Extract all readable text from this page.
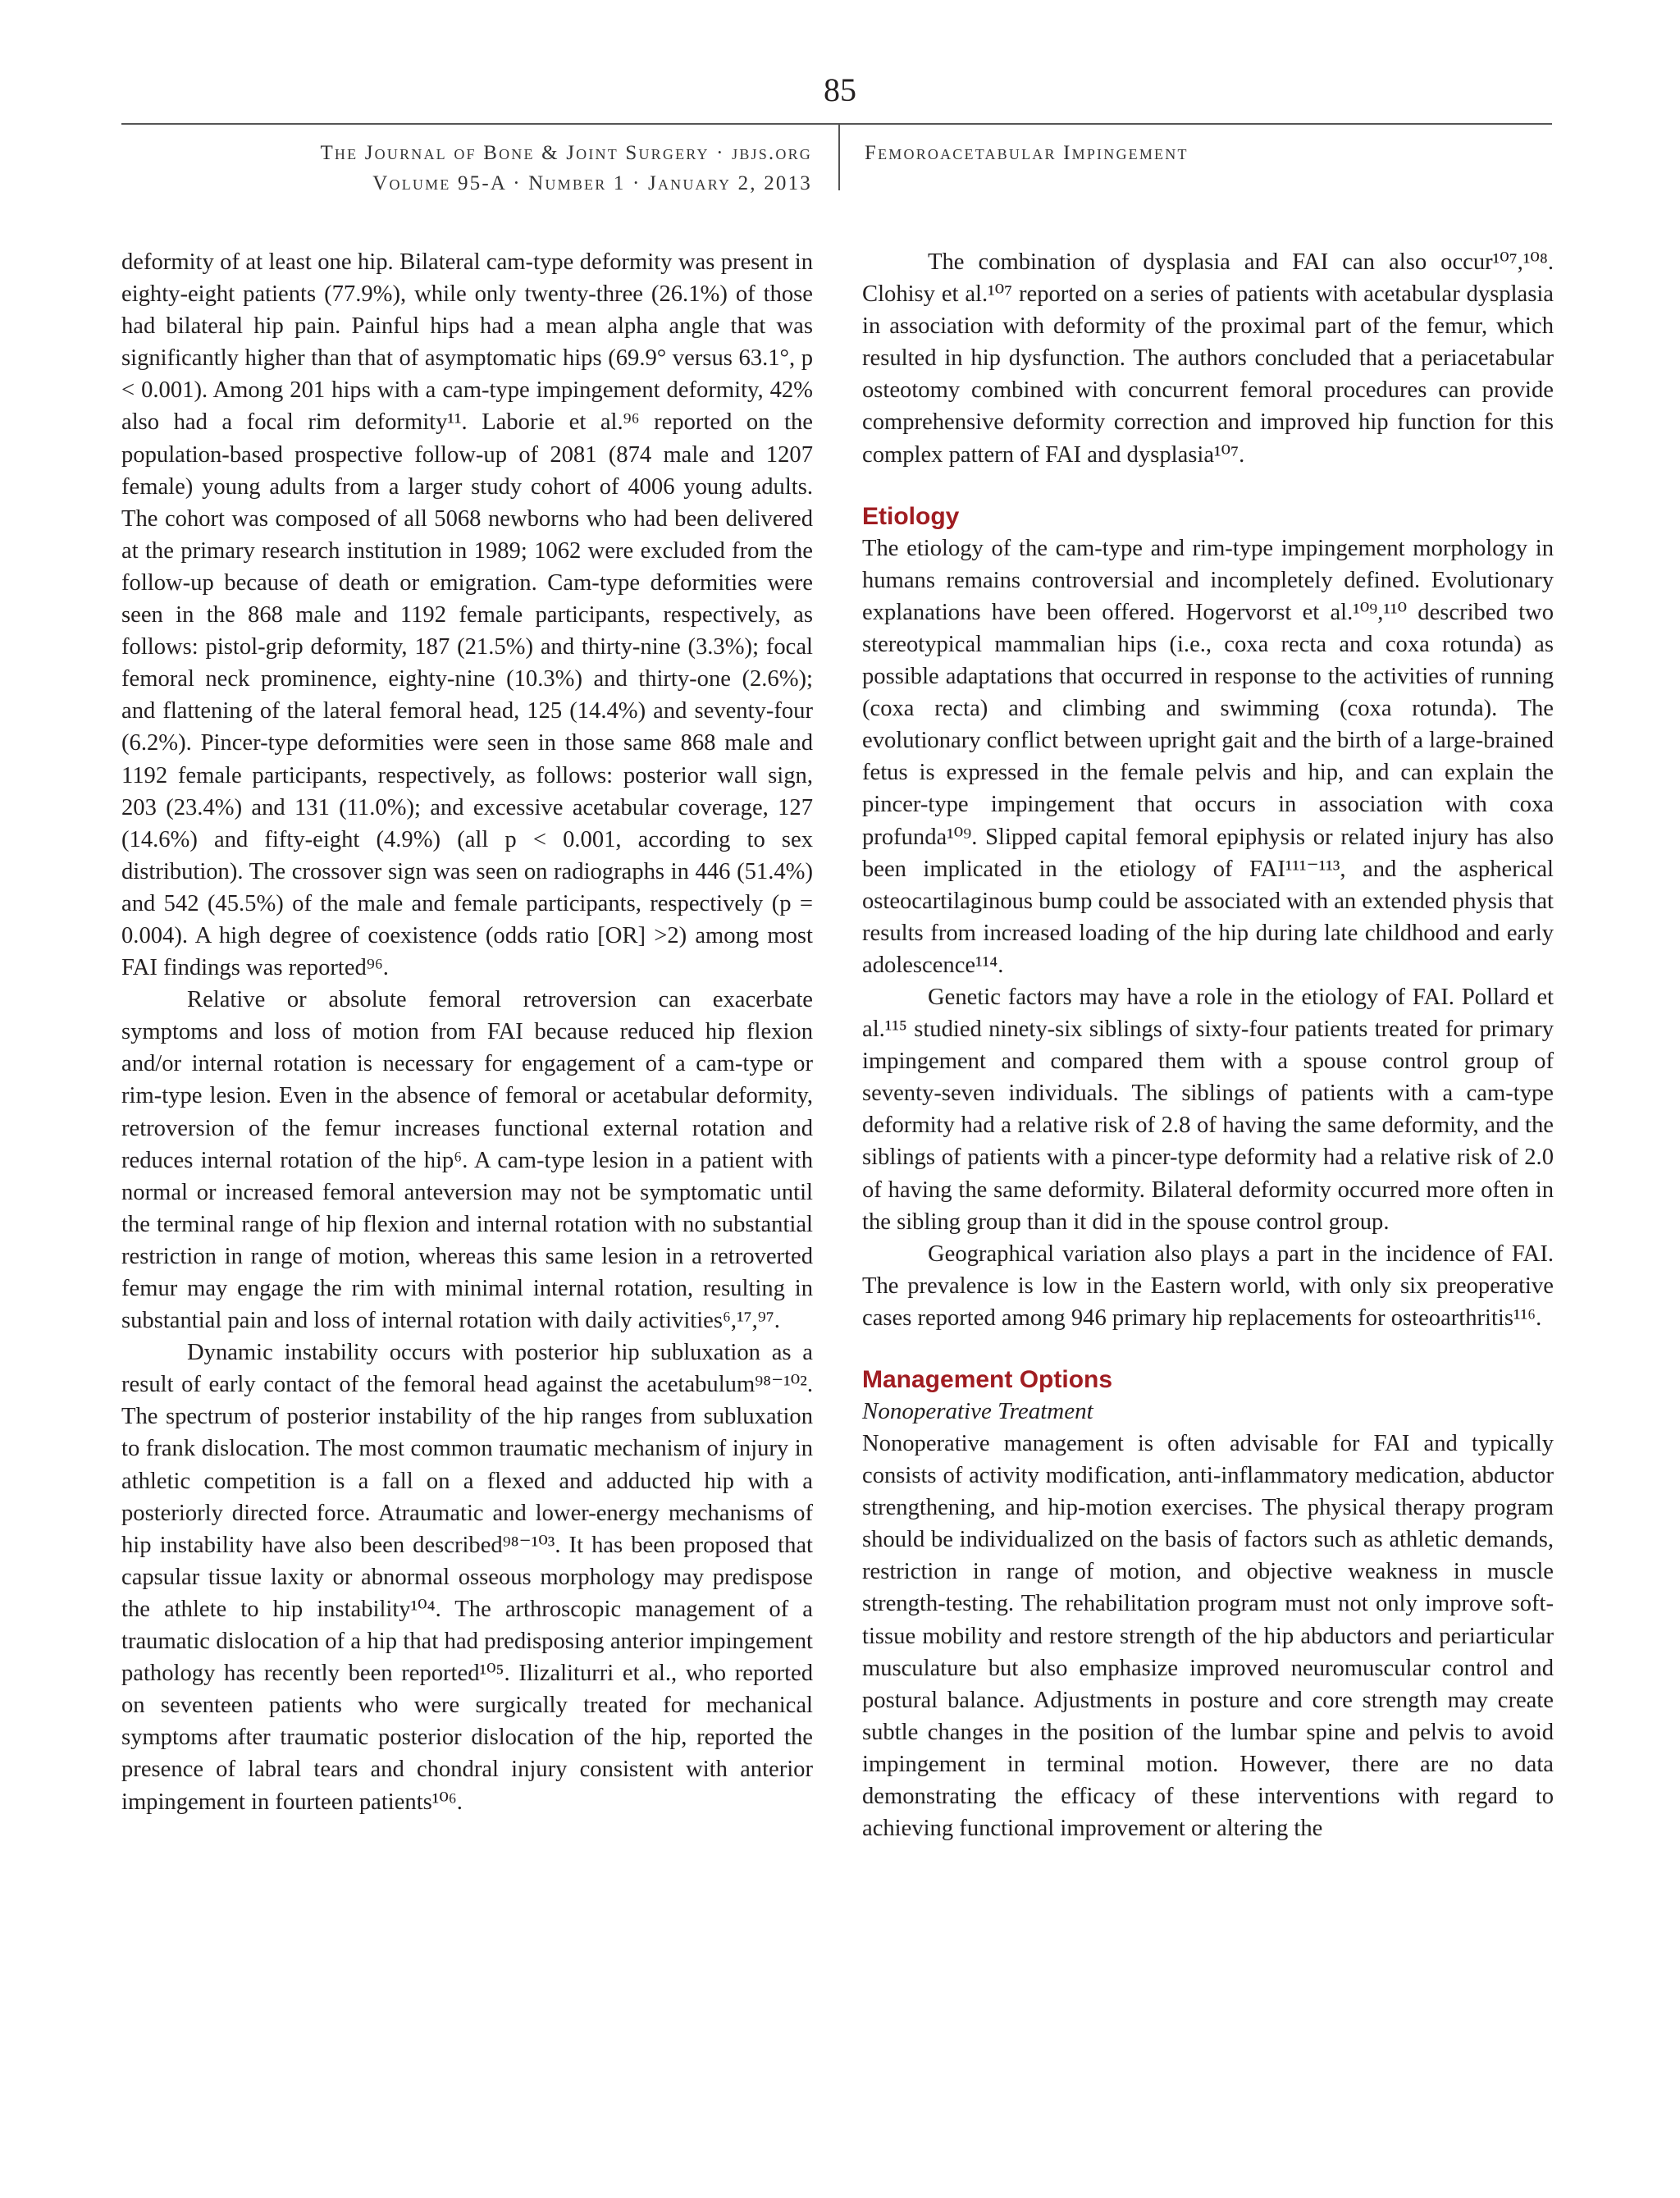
85
The Journal of Bone & Joint Surgery · jbjs.org
Volume 95-A · Number 1 · January 2, 2013
Femoroacetabular Impingement

deformity of at least one hip. Bilateral cam-type deformity was present in eighty-eight patients (77.9%), while only twenty-three (26.1%) of those had bilateral hip pain. Painful hips had a mean alpha angle that was significantly higher than that of asymptomatic hips (69.9° versus 63.1°, p < 0.001). Among 201 hips with a cam-type impingement deformity, 42% also had a focal rim deformity¹¹. Laborie et al.⁹⁶ reported on the population-based prospective follow-up of 2081 (874 male and 1207 female) young adults from a larger study cohort of 4006 young adults. The cohort was composed of all 5068 newborns who had been delivered at the primary research institution in 1989; 1062 were excluded from the follow-up because of death or emigration. Cam-type deformities were seen in the 868 male and 1192 female participants, respectively, as follows: pistol-grip deformity, 187 (21.5%) and thirty-nine (3.3%); focal femoral neck prominence, eighty-nine (10.3%) and thirty-one (2.6%); and flattening of the lateral femoral head, 125 (14.4%) and seventy-four (6.2%). Pincer-type deformities were seen in those same 868 male and 1192 female participants, respectively, as follows: posterior wall sign, 203 (23.4%) and 131 (11.0%); and excessive acetabular coverage, 127 (14.6%) and fifty-eight (4.9%) (all p < 0.001, according to sex distribution). The crossover sign was seen on radiographs in 446 (51.4%) and 542 (45.5%) of the male and female participants, respectively (p = 0.004). A high degree of coexistence (odds ratio [OR] >2) among most FAI findings was reported⁹⁶.

Relative or absolute femoral retroversion can exacerbate symptoms and loss of motion from FAI because reduced hip flexion and/or internal rotation is necessary for engagement of a cam-type or rim-type lesion. Even in the absence of femoral or acetabular deformity, retroversion of the femur increases functional external rotation and reduces internal rotation of the hip⁶. A cam-type lesion in a patient with normal or increased femoral anteversion may not be symptomatic until the terminal range of hip flexion and internal rotation with no substantial restriction in range of motion, whereas this same lesion in a retroverted femur may engage the rim with minimal internal rotation, resulting in substantial pain and loss of internal rotation with daily activities⁶,¹⁷,⁹⁷.

Dynamic instability occurs with posterior hip subluxation as a result of early contact of the femoral head against the acetabulum⁹⁸⁻¹⁰². The spectrum of posterior instability of the hip ranges from subluxation to frank dislocation. The most common traumatic mechanism of injury in athletic competition is a fall on a flexed and adducted hip with a posteriorly directed force. Atraumatic and lower-energy mechanisms of hip instability have also been described⁹⁸⁻¹⁰³. It has been proposed that capsular tissue laxity or abnormal osseous morphology may predispose the athlete to hip instability¹⁰⁴. The arthroscopic management of a traumatic dislocation of a hip that had predisposing anterior impingement pathology has recently been reported¹⁰⁵. Ilizaliturri et al., who reported on seventeen patients who were surgically treated for mechanical symptoms after traumatic posterior dislocation of the hip, reported the presence of labral tears and chondral injury consistent with anterior impingement in fourteen patients¹⁰⁶.

The combination of dysplasia and FAI can also occur¹⁰⁷,¹⁰⁸. Clohisy et al.¹⁰⁷ reported on a series of patients with acetabular dysplasia in association with deformity of the proximal part of the femur, which resulted in hip dysfunction. The authors concluded that a periacetabular osteotomy combined with concurrent femoral procedures can provide comprehensive deformity correction and improved hip function for this complex pattern of FAI and dysplasia¹⁰⁷.

Etiology

The etiology of the cam-type and rim-type impingement morphology in humans remains controversial and incompletely defined. Evolutionary explanations have been offered. Hogervorst et al.¹⁰⁹,¹¹⁰ described two stereotypical mammalian hips (i.e., coxa recta and coxa rotunda) as possible adaptations that occurred in response to the activities of running (coxa recta) and climbing and swimming (coxa rotunda). The evolutionary conflict between upright gait and the birth of a large-brained fetus is expressed in the female pelvis and hip, and can explain the pincer-type impingement that occurs in association with coxa profunda¹⁰⁹. Slipped capital femoral epiphysis or related injury has also been implicated in the etiology of FAI¹¹¹⁻¹¹³, and the aspherical osteocartilaginous bump could be associated with an extended physis that results from increased loading of the hip during late childhood and early adolescence¹¹⁴.

Genetic factors may have a role in the etiology of FAI. Pollard et al.¹¹⁵ studied ninety-six siblings of sixty-four patients treated for primary impingement and compared them with a spouse control group of seventy-seven individuals. The siblings of patients with a cam-type deformity had a relative risk of 2.8 of having the same deformity, and the siblings of patients with a pincer-type deformity had a relative risk of 2.0 of having the same deformity. Bilateral deformity occurred more often in the sibling group than it did in the spouse control group.

Geographical variation also plays a part in the incidence of FAI. The prevalence is low in the Eastern world, with only six preoperative cases reported among 946 primary hip replacements for osteoarthritis¹¹⁶.

Management Options
Nonoperative Treatment

Nonoperative management is often advisable for FAI and typically consists of activity modification, anti-inflammatory medication, abductor strengthening, and hip-motion exercises. The physical therapy program should be individualized on the basis of factors such as athletic demands, restriction in range of motion, and objective weakness in muscle strength-testing. The rehabilitation program must not only improve soft-tissue mobility and restore strength of the hip abductors and periarticular musculature but also emphasize improved neuromuscular control and postural balance. Adjustments in posture and core strength may create subtle changes in the position of the lumbar spine and pelvis to avoid impingement in terminal motion. However, there are no data demonstrating the efficacy of these interventions with regard to achieving functional improvement or altering the
